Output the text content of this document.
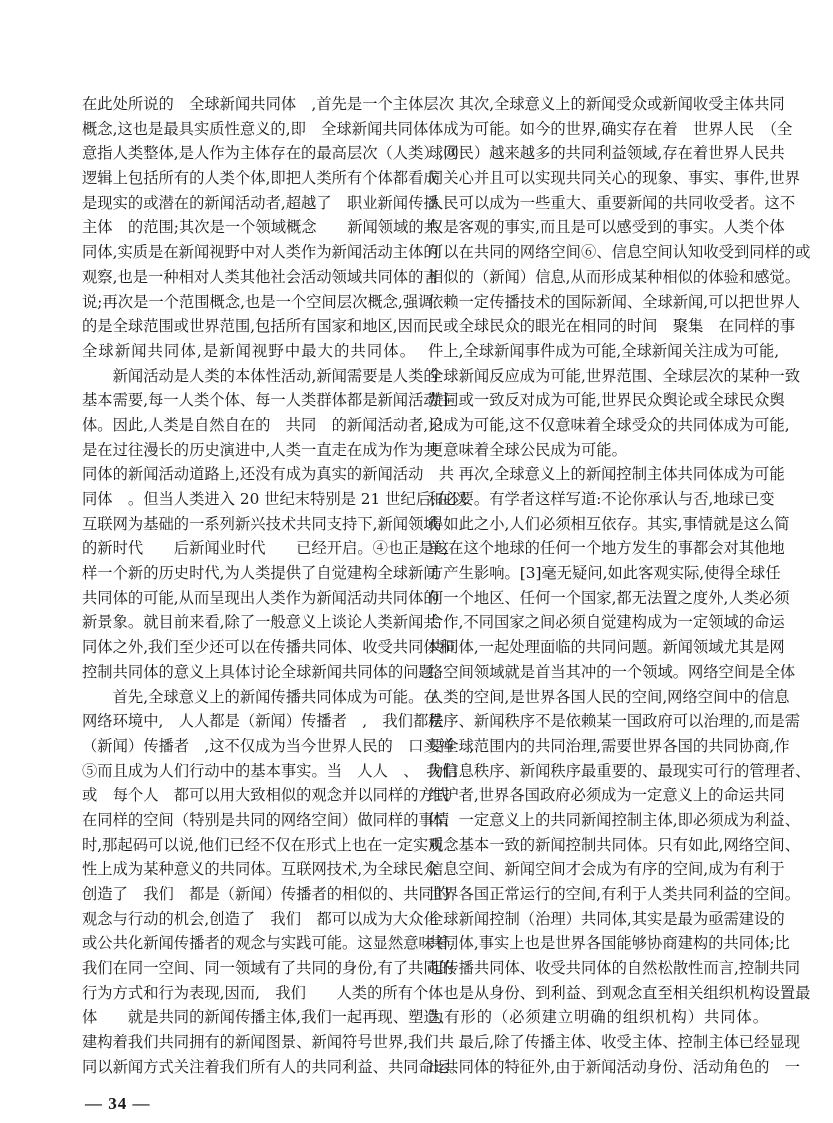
在此处所说的　全球新闻共同体　,首先是一个主体层次
概念,这也是最具实质性意义的,即　全球新闻共同体
意指人类整体,是人作为主体存在的最高层次（人类）,③
逻辑上包括所有的人类个体,即把人类所有个体都看成
是现实的或潜在的新闻活动者,超越了　职业新闻传播
主体　的范围;其次是一个领域概念　　新闻领域的共
同体,实质是在新闻视野中对人类作为新闻活动主体的
观察,也是一种相对人类其他社会活动领域共同体的言
说;再次是一个范围概念,也是一个空间层次概念,强调
的是全球范围或世界范围,包括所有国家和地区,因而,
全球新闻共同体,是新闻视野中最大的共同体。
　　新闻活动是人类的本体性活动,新闻需要是人类的
基本需要,每一人类个体、每一人类群体都是新闻活动主
体。因此,人类是自然自在的　共同　的新闻活动者,只
是在过往漫长的历史演进中,人类一直走在成为作为共
同体的新闻活动道路上,还没有成为真实的新闻活动　共
同体　。但当人类进入 20 世纪末特别是 21 世纪后,在以
互联网为基础的一系列新兴技术共同支持下,新闻领域
的新时代　　后新闻业时代　　已经开启。④也正是这
样一个新的历史时代,为人类提供了自觉建构全球新闻
共同体的可能,从而呈现出人类作为新闻活动共同体的
新景象。就目前来看,除了一般意义上谈论人类新闻共
同体之外,我们至少还可以在传播共同体、收受共同体和
控制共同体的意义上具体讨论全球新闻共同体的问题。
　　首先,全球意义上的新闻传播共同体成为可能。在
网络环境中,　人人都是（新闻）传播者　,　我们都是
（新闻）传播者　,这不仅成为当今世界人民的　口头禅　,
⑤而且成为人们行动中的基本事实。当　人人　、　我们
或　每个人　都可以用大致相似的观念并以同样的方式
在同样的空间（特别是共同的网络空间）做同样的事情
时,那起码可以说,他们已经不仅在形式上也在一定实质
性上成为某种意义的共同体。互联网技术,为全球民众
创造了　我们　都是（新闻）传播者的相似的、共同的
观念与行动的机会,创造了　我们　都可以成为大众化
或公共化新闻传播者的观念与实践可能。这显然意味着,
我们在同一空间、同一领域有了共同的身份,有了共同的
行为方式和行为表现,因而,　我们　　人类的所有个
体　　就是共同的新闻传播主体,我们一起再现、塑造、
建构着我们共同拥有的新闻图景、新闻符号世界,我们共
同以新闻方式关注着我们所有人的共同利益、共同命运。
　　其次,全球意义上的新闻受众或新闻收受主体共同
体成为可能。如今的世界,确实存在着　世界人民　（全
球网民）越来越多的共同利益领域,存在着世界人民共
同关心并且可以实现共同关心的现象、事实、事件,世界
人民可以成为一些重大、重要新闻的共同收受者。这不
仅是客观的事实,而且是可以感受到的事实。人类个体
可以在共同的网络空间⑥、信息空间认知收受到同样的或
相似的（新闻）信息,从而形成某种相似的体验和感觉。
依赖一定传播技术的国际新闻、全球新闻,可以把世界人
民或全球民众的眼光在相同的时间　聚集　在同样的事
件上,全球新闻事件成为可能,全球新闻关注成为可能,
全球新闻反应成为可能,世界范围、全球层次的某种一致
赞同或一致反对成为可能,世界民众舆论或全球民众舆
论成为可能,这不仅意味着全球受众的共同体成为可能,
更意味着全球公民成为可能。
　　再次,全球意义上的新闻控制主体共同体成为可能
和必要。有学者这样写道:不论你承认与否,地球已变
得如此之小,人们必须相互依存。其实,事情就是这么简
单,在这个地球的任何一个地方发生的事都会对其他地
方产生影响。[3]毫无疑问,如此客观实际,使得全球任
何一个地区、任何一个国家,都无法置之度外,人类必须
合作,不同国家之间必须自觉建构成为一定领域的命运
共同体,一起处理面临的共同问题。新闻领域尤其是网
络空间领域就是首当其冲的一个领域。网络空间是全体
人类的空间,是世界各国人民的空间,网络空间中的信息
秩序、新闻秩序不是依赖某一国政府可以治理的,而是需
要全球范围内的共同治理,需要世界各国的共同协商,作
为信息秩序、新闻秩序最重要的、最现实可行的管理者、
维护者,世界各国政府必须成为一定意义上的命运共同
体、一定意义上的共同新闻控制主体,即必须成为利益、
观念基本一致的新闻控制共同体。只有如此,网络空间、
信息空间、新闻空间才会成为有序的空间,成为有利于
世界各国正常运行的空间,有利于人类共同利益的空间。
全球新闻控制（治理）共同体,其实是最为亟需建设的
共同体,事实上也是世界各国能够协商建构的共同体;比
起传播共同体、收受共同体的自然松散性而言,控制共同
体也是从身份、到利益、到观念直至相关组织机构设置最
为有形的（必须建立明确的组织机构）共同体。
　　最后,除了传播主体、收受主体、控制主体已经显现
出共同体的特征外,由于新闻活动身份、活动角色的　一
— 34 —
